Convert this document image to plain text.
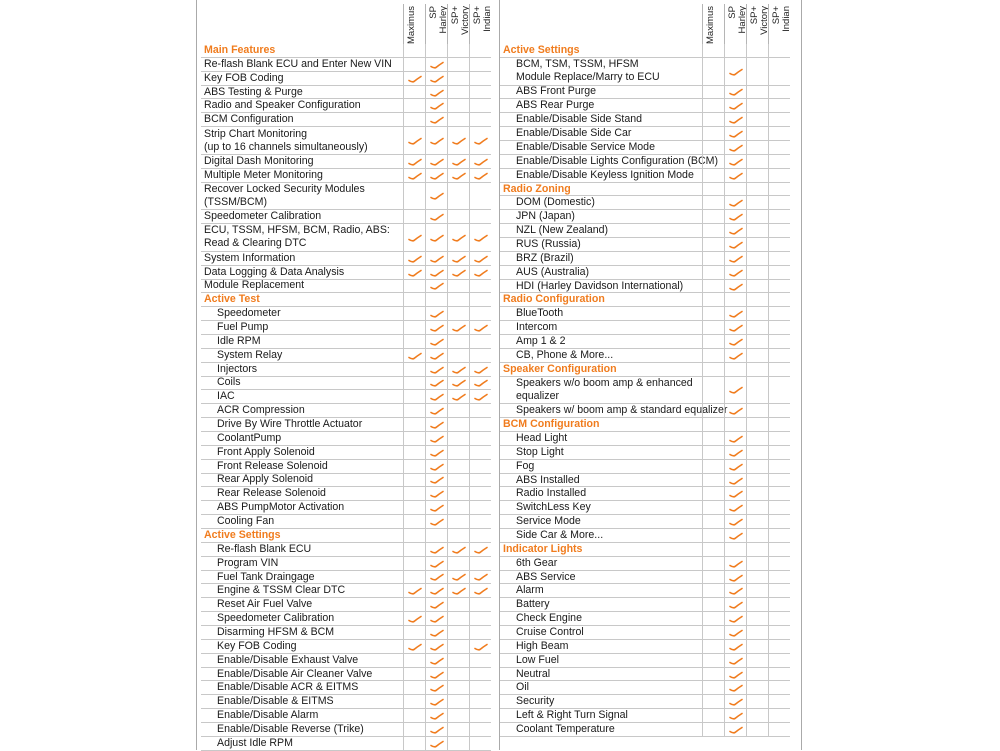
Maximus	SP Harley SP+ Victory SP+ Indian
Main Features
Re-flash Blank ECU and Enter New VIN
Key FOB Coding
ABS Testing & Purge
Radio and Speaker Configuration
BCM Configuration
Strip Chart Monitoring
(up to 16 channels simultaneously)
Digital Dash Monitoring
Multiple Meter Monitoring
Recover Locked Security Modules
(TSSM/BCM)
Speedometer Calibration
ECU, TSSM, HFSM, BCM, Radio, ABS:
Read & Clearing DTC
System Information
Data Logging & Data Analysis
Module Replacement
Active Test
Speedometer
Fuel Pump
Idle RPM
System Relay
Injectors
Coils
IAC
ACR Compression
Drive By Wire Throttle Actuator
CoolantPump
Front Apply Solenoid
Front Release Solenoid
Rear Apply Solenoid
Rear Release Solenoid
ABS PumpMotor Activation
Cooling Fan
Active Settings
Re-flash Blank ECU
Program VIN
Fuel Tank Draingage
Engine & TSSM Clear DTC
Reset Air Fuel Valve
Speedometer Calibration
Disarming HFSM & BCM
Key FOB Coding
Enable/Disable Exhaust Valve
Enable/Disable Air Cleaner Valve
Enable/Disable ACR & EITMS
Enable/Disable & EITMS
Enable/Disable Alarm
Enable/Disable Reverse (Trike)
Adjust Idle RPM
Maximus	SP Harley SP+ Victory SP+ Indian
Active Settings
BCM, TSM, TSSM, HFSM
Module Replace/Marry to ECU
ABS Front Purge
ABS Rear Purge
Enable/Disable Side Stand
Enable/Disable Side Car
Enable/Disable Service Mode
Enable/Disable Lights Configuration (BCM)
Enable/Disable Keyless Ignition Mode
Radio Zoning
DOM (Domestic)
JPN (Japan)
NZL (New Zealand)
RUS (Russia)
BRZ (Brazil)
AUS (Australia)
HDI (Harley Davidson International)
Radio Configuration
BlueTooth
Intercom
Amp 1 & 2
CB, Phone & More...
Speaker Configuration
Speakers w/o boom amp & enhanced
equalizer
Speakers w/ boom amp & standard equalizer
BCM Configuration
Head Light
Stop Light
Fog
ABS Installed
Radio Installed
SwitchLess Key
Service Mode
Side Car & More...
Indicator Lights
6th Gear
ABS Service
Alarm
Battery
Check Engine
Cruise Control
High Beam
Low Fuel
Neutral
Oil
Security
Left & Right Turn Signal
Coolant Temperature
